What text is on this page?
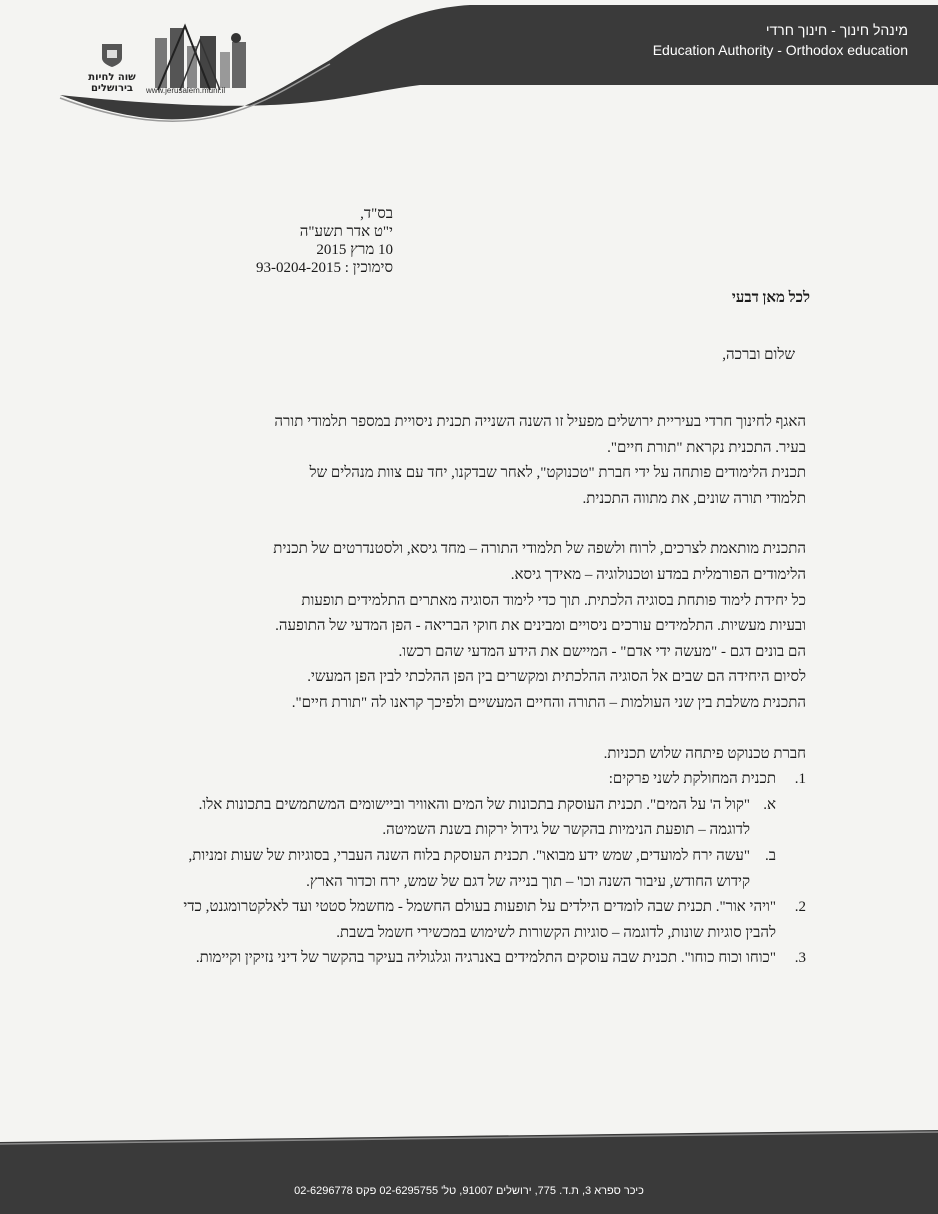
מינהל חינוך - חינוך חרדי
Education Authority - Orthodox education
www.jerusalem.muni.il
שוה לחיות בירושלים
בס"ד,
י"ט אדר תשע"ה
10 מרץ 2015
סימוכין : 93-0204-2015
לכל מאן דבעי
שלום וברכה,

האגף לחינוך חרדי בעיריית ירושלים מפעיל זו השנה השנייה תכנית ניסויית במספר תלמודי תורה

בעיר. התכנית נקראת "תורת חיים".

תכנית הלימודים פותחה על ידי חברת "טכנוקט", לאחר שבדקנו, יחד עם צוות מנהלים של

תלמודי תורה שונים, את מתווה התכנית.

התכנית מותאמת לצרכים, לרוח ולשפה של תלמודי התורה – מחד גיסא, ולסטנדרטים של תכנית

הלימודים הפורמלית במדע וטכנולוגיה – מאידך גיסא.

כל יחידת לימוד פותחת בסוגיה הלכתית. תוך כדי לימוד הסוגיה מאתרים התלמידים תופעות

ובעיות מעשיות. התלמידים עורכים ניסויים ומבינים את חוקי הבריאה - הפן המדעי של התופעה.

הם בונים דגם - "מעשה ידי אדם" - המיישם את הידע המדעי שהם רכשו.

לסיום היחידה הם שבים אל הסוגיה ההלכתית ומקשרים בין הפן ההלכתי לבין הפן המעשי.

התכנית משלבת בין שני העולמות – התורה והחיים המעשיים ולפיכך קראנו לה "תורת חיים".

חברת טכנוקט פיתחה שלוש תכניות.
1.
תכנית המחולקת לשני פרקים:
א.
"קול ה' על המים". תכנית העוסקת בתכונות של המים והאוויר וביישומים המשתמשים בתכונות אלו. לדוגמה – תופעת הנימיות בהקשר של גידול ירקות בשנת השמיטה.
ב.
"עשה ירח למועדים, שמש ידע מבואו". תכנית העוסקת בלוח השנה העברי, בסוגיות של שעות זמניות, קידוש החודש, עיבור השנה וכו' – תוך בנייה של דגם של שמש, ירח וכדור הארץ.
2.
"ויהי אור". תכנית שבה לומדים הילדים על תופעות בעולם החשמל - מחשמל סטטי ועד לאלקטרומגנט, כדי להבין סוגיות שונות, לדוגמה – סוגיות הקשורות לשימוש במכשירי חשמל בשבת.
3.
"כוחו וכוח כוחו". תכנית שבה עוסקים התלמידים באנרגיה וגלגוליה בעיקר בהקשר של דיני נזיקין וקיימות.
כיכר ספרא 3, ת.ד. 775, ירושלים 91007, טל' 02-6295755 פקס 02-6296778
